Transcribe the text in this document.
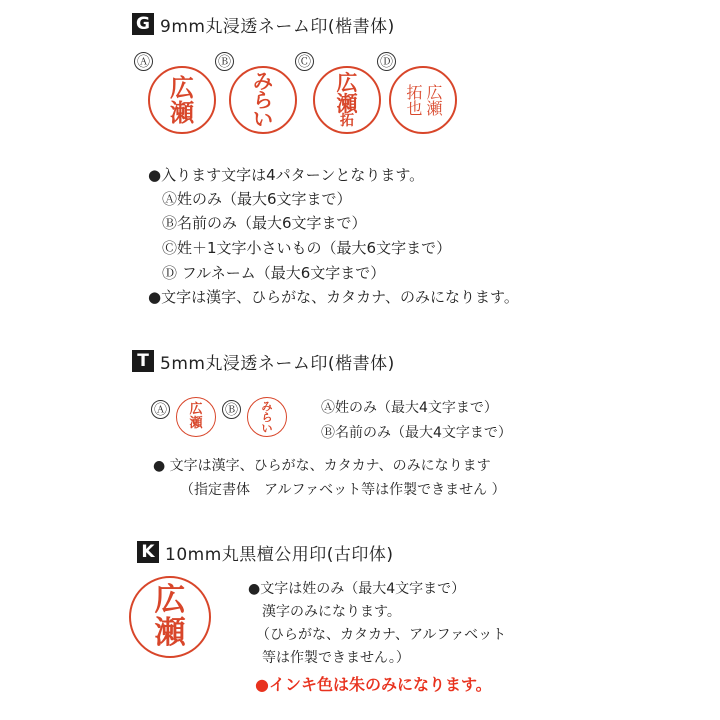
G 9mm丸浸透ネーム印(楷書体)
Ⓐ
広
瀬
Ⓑ
み
ら
い
Ⓒ
広
瀬
拓
Ⓓ
拓也 広瀬
●入ります文字は4パターンとなります。
Ⓐ姓のみ（最大6文字まで）
Ⓑ名前のみ（最大6文字まで）
Ⓒ姓＋1文字小さいもの（最大6文字まで）
Ⓓ フルネーム（最大6文字まで）
●文字は漢字、ひらがな、カタカナ、のみになります。
T 5mm丸浸透ネーム印(楷書体)
Ⓐ 広
瀬
Ⓑ み
ら
い
Ⓐ姓のみ（最大4文字まで）
Ⓑ名前のみ（最大4文字まで）
● 文字は漢字、ひらがな、カタカナ、のみになります
（指定書体　アルファベット等は作製できません ）
K 10mm丸黒檀公用印(古印体)
広
瀬
●文字は姓のみ（最大4文字まで）
漢字のみになります。
（ひらがな、カタカナ、アルファベット
等は作製できません。）
●インキ色は朱のみになります。
